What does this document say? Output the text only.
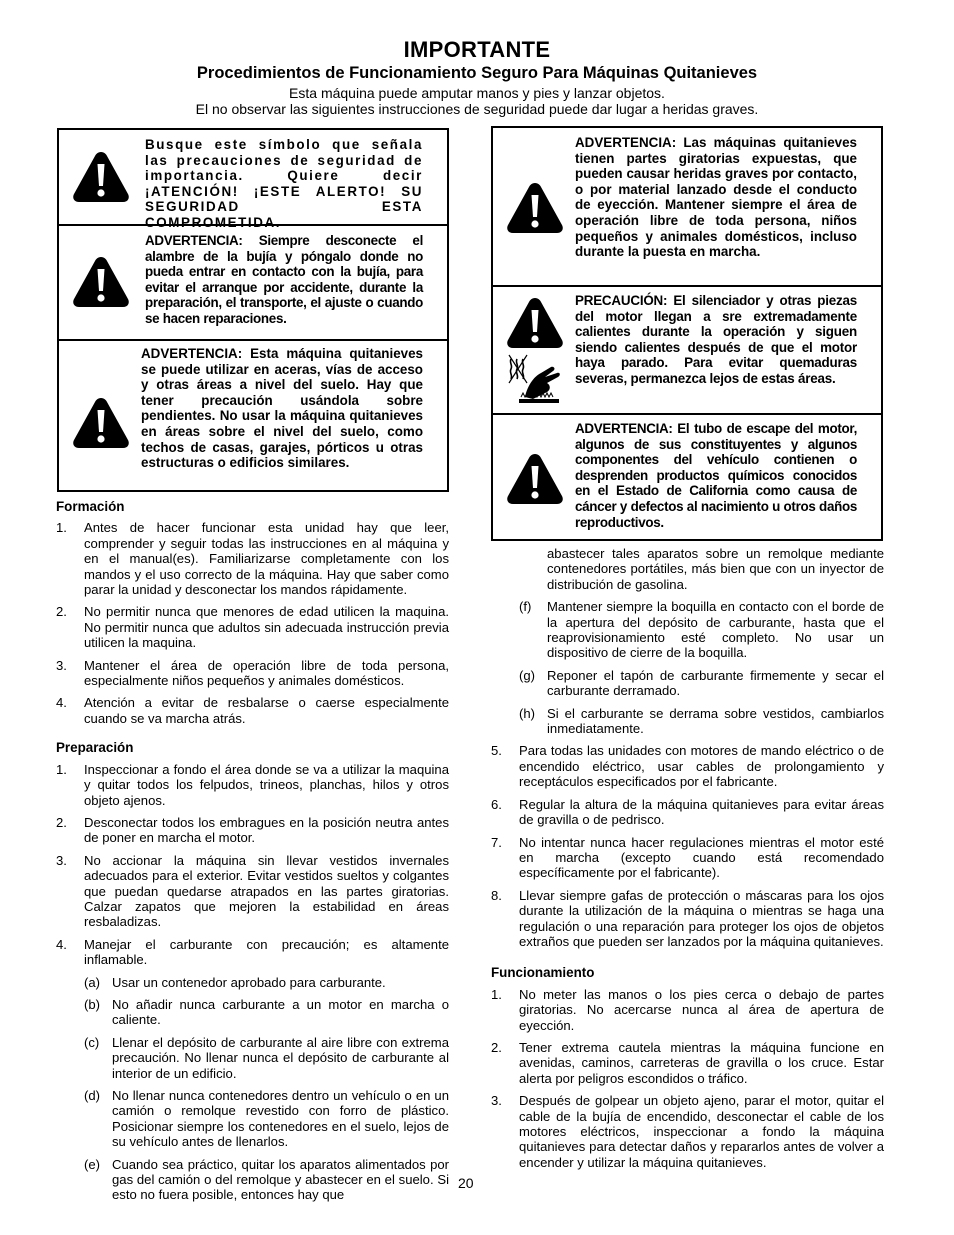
IMPORTANTE
Procedimientos de Funcionamiento Seguro Para Máquinas Quitanieves
Esta máquina puede amputar manos y pies y lanzar objetos.
El no observar las siguientes instrucciones de seguridad puede dar lugar a heridas graves.
Busque este símbolo que señala las precauciones de seguridad de importancia. Quiere decir ¡ATENCIÓN! ¡ESTE ALERTO! SU SEGURIDAD ESTA COMPROMETIDA.
ADVERTENCIA: Siempre desconecte el alambre de la bujía y póngalo donde no pueda entrar en contacto con la bujía, para evitar el arranque por accidente, durante la preparación, el transporte, el ajuste o cuando se hacen reparaciones.
ADVERTENCIA: Esta máquina quitanieves se puede utilizar en aceras, vías de acceso y otras áreas a nivel del suelo. Hay que tener precaución usándola sobre pendientes. No usar la máquina quitanieves en áreas sobre el nivel del suelo, como techos de casas, garajes, pórticos u otras estructuras o edificios similares.
ADVERTENCIA: Las máquinas quitanieves tienen partes giratorias expuestas, que pueden causar heridas graves por contacto, o por material lanzado desde el conducto de eyección. Mantener siempre el área de operación libre de toda persona, niños pequeños y animales domésticos, incluso durante la puesta en marcha.
PRECAUCIÓN: El silenciador y otras piezas del motor llegan a sre extremadamente calientes durante la operación y siguen siendo calientes después de que el motor haya parado. Para evitar quemaduras severas, permanezca lejos de estas áreas.
ADVERTENCIA: El tubo de escape del motor, algunos de sus constituyentes y algunos componentes del vehículo contienen o desprenden productos químicos conocidos en el Estado de California como causa de cáncer y defectos al nacimiento u otros daños reproductivos.
Formación
1. Antes de hacer funcionar esta unidad hay que leer, comprender y seguir todas las instrucciones en al máquina y en el manual(es). Familiarizarse completamente con los mandos y el uso correcto de la máquina. Hay que saber como parar la unidad y desconectar los mandos rápidamente.
2. No permitir nunca que menores de edad utilicen la maquina. No permitir nunca que adultos sin adecuada instrucción previa utilicen la maquina.
3. Mantener el área de operación libre de toda persona, especialmente niños pequeños y animales domésticos.
4. Atención a evitar de resbalarse o caerse especialmente cuando se va marcha atrás.
Preparación
1. Inspeccionar a fondo el área donde se va a utilizar la maquina y quitar todos los felpudos, trineos, planchas, hilos y otros objeto ajenos.
2. Desconectar todos los embragues en la posición neutra antes de poner en marcha el motor.
3. No accionar la máquina sin llevar vestidos invernales adecuados para el exterior. Evitar vestidos sueltos y colgantes que puedan quedarse atrapados en las partes giratorias. Calzar zapatos que mejoren la estabilidad en áreas resbaladizas.
4. Manejar el carburante con precaución; es altamente inflamable.
(a) Usar un contenedor aprobado para carburante.
(b) No añadir nunca carburante a un motor en marcha o caliente.
(c) Llenar el depósito de carburante al aire libre con extrema precaución. No llenar nunca el depósito de carburante al interior de un edificio.
(d) No llenar nunca contenedores dentro un vehículo o en un camión o remolque revestido con forro de plástico. Posicionar siempre los contenedores en el suelo, lejos de su vehículo antes de llenarlos.
(e) Cuando sea práctico, quitar los aparatos alimentados por gas del camión o del remolque y abastecer en el suelo. Si esto no fuera posible, entonces hay que
abastecer tales aparatos sobre un remolque mediante contenedores portátiles, más bien que con un inyector de distribución de gasolina.
(f) Mantener siempre la boquilla en contacto con el borde de la apertura del depósito de carburante, hasta que el reaprovisionamiento esté completo. No usar un dispositivo de cierre de la boquilla.
(g) Reponer el tapón de carburante firmemente y secar el carburante derramado.
(h) Si el carburante se derrama sobre vestidos, cambiarlos inmediatamente.
5. Para todas las unidades con motores de mando eléctrico o de encendido eléctrico, usar cables de prolongamiento y receptáculos especificados por el fabricante.
6. Regular la altura de la máquina quitanieves para evitar áreas de gravilla o de pedrisco.
7. No intentar nunca hacer regulaciones mientras el motor esté en marcha (excepto cuando está recomendado específicamente por el fabricante).
8. Llevar siempre gafas de protección o máscaras para los ojos durante la utilización de la máquina o mientras se haga una regulación o una reparación para proteger los ojos de objetos extraños que pueden ser lanzados por la máquina quitanieves.
Funcionamiento
1. No meter las manos o los pies cerca o debajo de partes giratorias. No acercarse nunca al área de apertura de eyección.
2. Tener extrema cautela mientras la máquina funcione en avenidas, caminos, carreteras de gravilla o los cruce. Estar alerta por peligros escondidos o tráfico.
3. Después de golpear un objeto ajeno, parar el motor, quitar el cable de la bujía de encendido, desconectar el cable de los motores eléctricos, inspeccionar a fondo la máquina quitanieves para detectar daños y repararlos antes de volver a encender y utilizar la máquina quitanieves.
20
